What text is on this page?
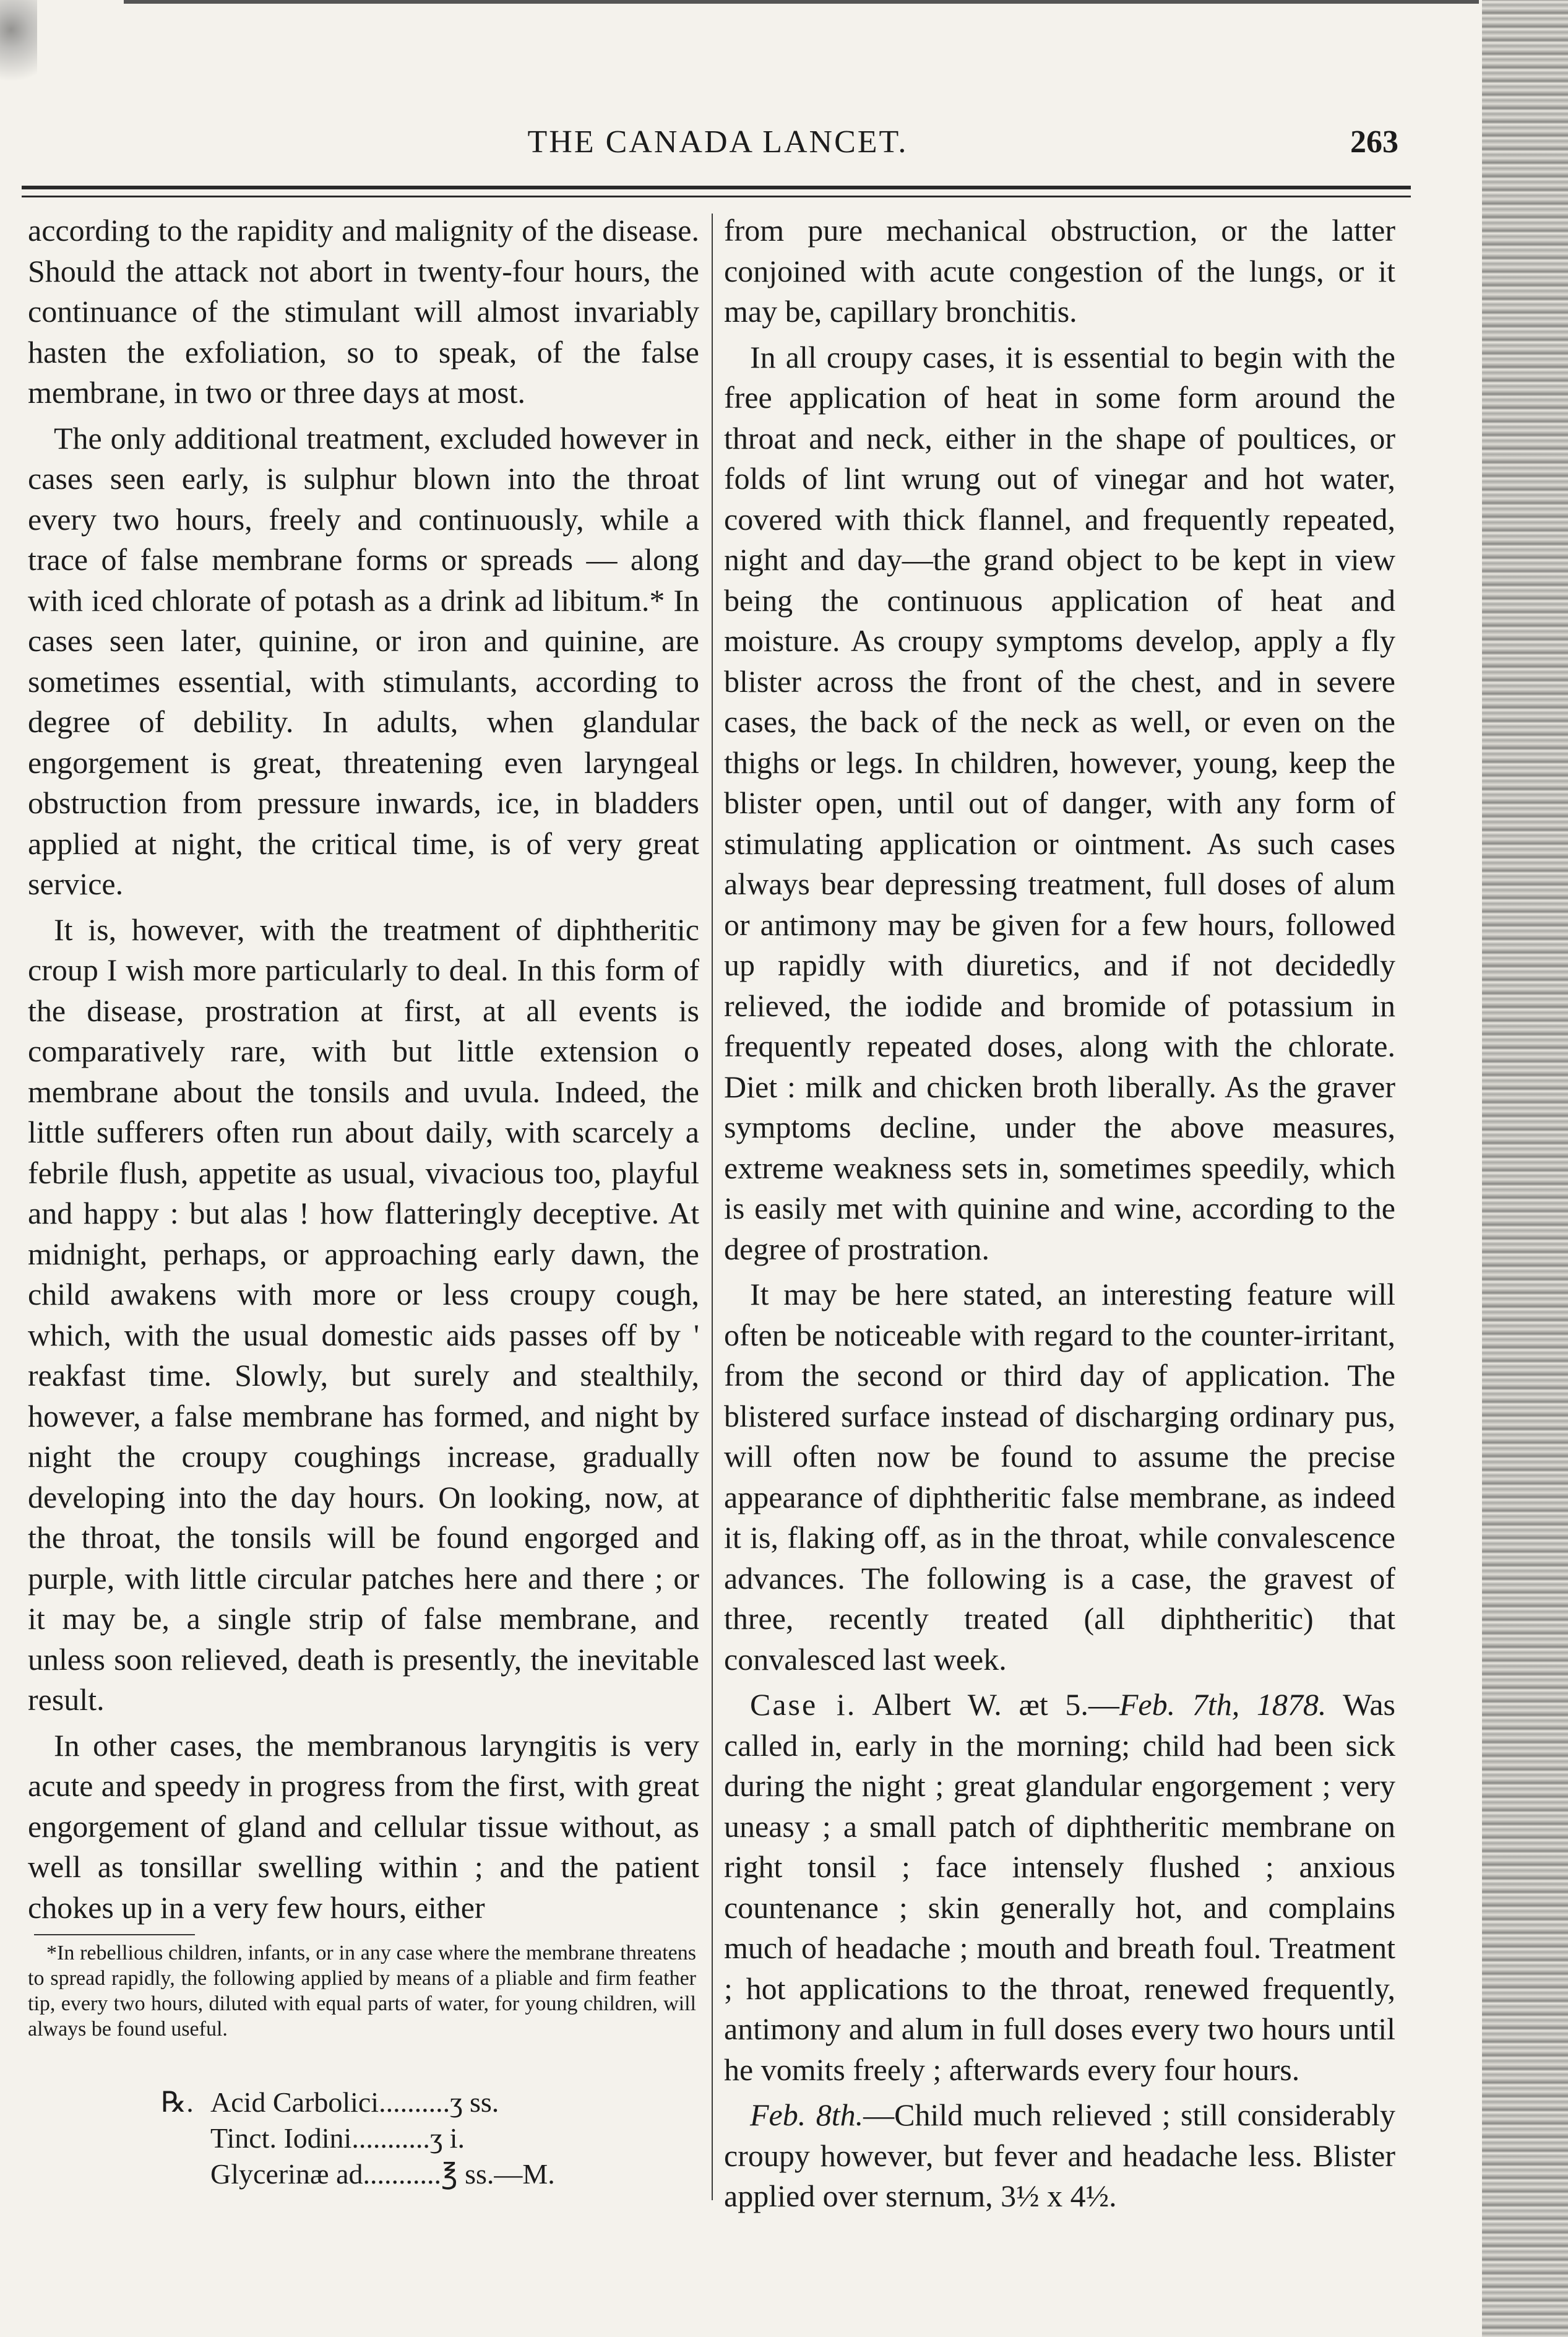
THE CANADA LANCET.	263

according to the rapidity and malignity of the disease. Should the attack not abort in twenty-four hours, the continuance of the stimulant will almost invariably hasten the exfoliation, so to speak, of the false membrane, in two or three days at most.

The only additional treatment, excluded however in cases seen early, is sulphur blown into the throat every two hours, freely and continuously, while a trace of false membrane forms or spreads — along with iced chlorate of potash as a drink ad libitum.* In cases seen later, quinine, or iron and quinine, are sometimes essential, with stimulants, according to degree of debility. In adults, when glandular engorgement is great, threatening even laryngeal obstruction from pressure inwards, ice, in bladders applied at night, the critical time, is of very great service.

It is, however, with the treatment of diphtheritic croup I wish more particularly to deal. In this form of the disease, prostration at first, at all events is comparatively rare, with but little extension o membrane about the tonsils and uvula. Indeed, the little sufferers often run about daily, with scarcely a febrile flush, appetite as usual, vivacious too, playful and happy : but alas ! how flatteringly deceptive. At midnight, perhaps, or approaching early dawn, the child awakens with more or less croupy cough, which, with the usual domestic aids passes off by ' reakfast time. Slowly, but surely and stealthily, however, a false membrane has formed, and night by night the croupy coughings increase, gradually developing into the day hours. On looking, now, at the throat, the tonsils will be found engorged and purple, with little circular patches here and there ; or it may be, a single strip of false membrane, and unless soon relieved, death is presently, the inevitable result.

In other cases, the membranous laryngitis is very acute and speedy in progress from the first, with great engorgement of gland and cellular tissue without, as well as tonsillar swelling within ; and the patient chokes up in a very few hours, either

*In rebellious children, infants, or in any case where the membrane threatens to spread rapidly, the following applied by means of a pliable and firm feather tip, every two hours, diluted with equal parts of water, for young children, will always be found useful.
℞. Acid Carbolici..........ʒ ss.
Tinct. Iodini...........ʒ i.
Glycerinæ ad...........℥ ss.—M.

from pure mechanical obstruction, or the latter conjoined with acute congestion of the lungs, or it may be, capillary bronchitis.

In all croupy cases, it is essential to begin with the free application of heat in some form around the throat and neck, either in the shape of poultices, or folds of lint wrung out of vinegar and hot water, covered with thick flannel, and frequently repeated, night and day—the grand object to be kept in view being the continuous application of heat and moisture. As croupy symptoms develop, apply a fly blister across the front of the chest, and in severe cases, the back of the neck as well, or even on the thighs or legs. In children, however, young, keep the blister open, until out of danger, with any form of stimulating application or ointment. As such cases always bear depressing treatment, full doses of alum or antimony may be given for a few hours, followed up rapidly with diuretics, and if not decidedly relieved, the iodide and bromide of potassium in frequently repeated doses, along with the chlorate. Diet : milk and chicken broth liberally. As the graver symptoms decline, under the above measures, extreme weakness sets in, sometimes speedily, which is easily met with quinine and wine, according to the degree of prostration.

It may be here stated, an interesting feature will often be noticeable with regard to the counter-irritant, from the second or third day of application. The blistered surface instead of discharging ordinary pus, will often now be found to assume the precise appearance of diphtheritic false membrane, as indeed it is, flaking off, as in the throat, while convalescence advances. The following is a case, the gravest of three, recently treated (all diphtheritic) that convalesced last week.

Case i. Albert W. æt 5.—Feb. 7th, 1878. Was called in, early in the morning; child had been sick during the night ; great glandular engorgement ; very uneasy ; a small patch of diphtheritic membrane on right tonsil ; face intensely flushed ; anxious countenance ; skin generally hot, and complains much of headache ; mouth and breath foul. Treatment ; hot applications to the throat, renewed frequently, antimony and alum in full doses every two hours until he vomits freely ; afterwards every four hours.

Feb. 8th.—Child much relieved ; still considerably croupy however, but fever and headache less. Blister applied over sternum, 3½ x 4½.
